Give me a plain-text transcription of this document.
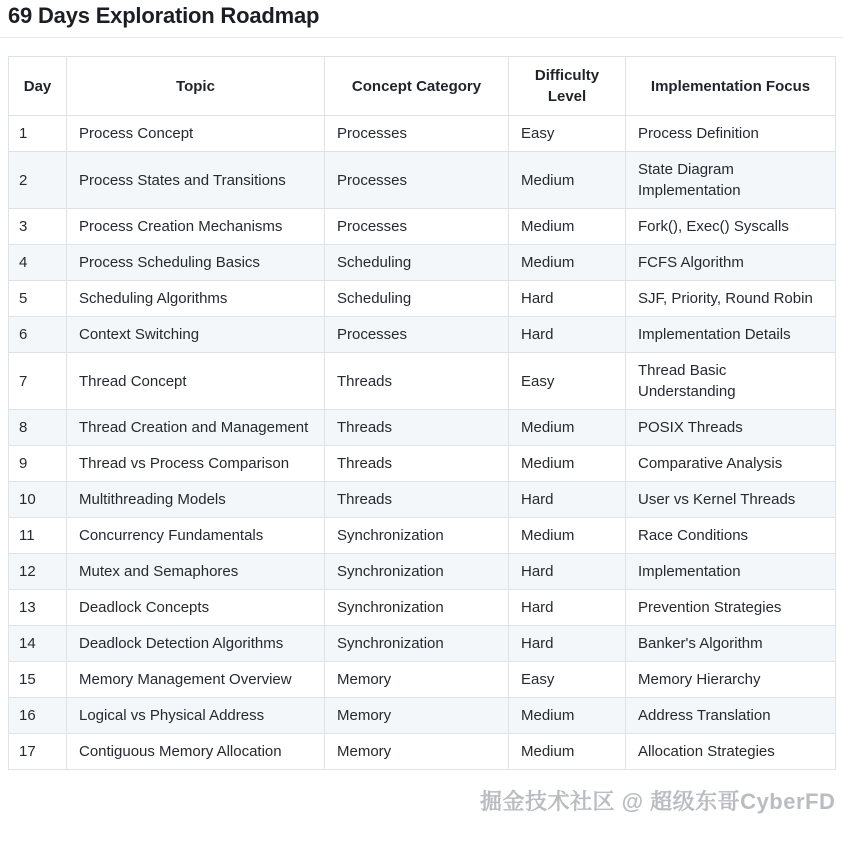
69 Days Exploration Roadmap
Day	Topic	Concept Category	Difficulty Level	Implementation Focus
1	Process Concept	Processes	Easy	Process Definition
2	Process States and Transitions	Processes	Medium	State Diagram Implementation
3	Process Creation Mechanisms	Processes	Medium	Fork(), Exec() Syscalls
4	Process Scheduling Basics	Scheduling	Medium	FCFS Algorithm
5	Scheduling Algorithms	Scheduling	Hard	SJF, Priority, Round Robin
6	Context Switching	Processes	Hard	Implementation Details
7	Thread Concept	Threads	Easy	Thread Basic Understanding
8	Thread Creation and Management	Threads	Medium	POSIX Threads
9	Thread vs Process Comparison	Threads	Medium	Comparative Analysis
10	Multithreading Models	Threads	Hard	User vs Kernel Threads
11	Concurrency Fundamentals	Synchronization	Medium	Race Conditions
12	Mutex and Semaphores	Synchronization	Hard	Implementation
13	Deadlock Concepts	Synchronization	Hard	Prevention Strategies
14	Deadlock Detection Algorithms	Synchronization	Hard	Banker's Algorithm
15	Memory Management Overview	Memory	Easy	Memory Hierarchy
16	Logical vs Physical Address	Memory	Medium	Address Translation
17	Contiguous Memory Allocation	Memory	Medium	Allocation Strategies
掘金技术社区 @ 超级东哥CyberFD
